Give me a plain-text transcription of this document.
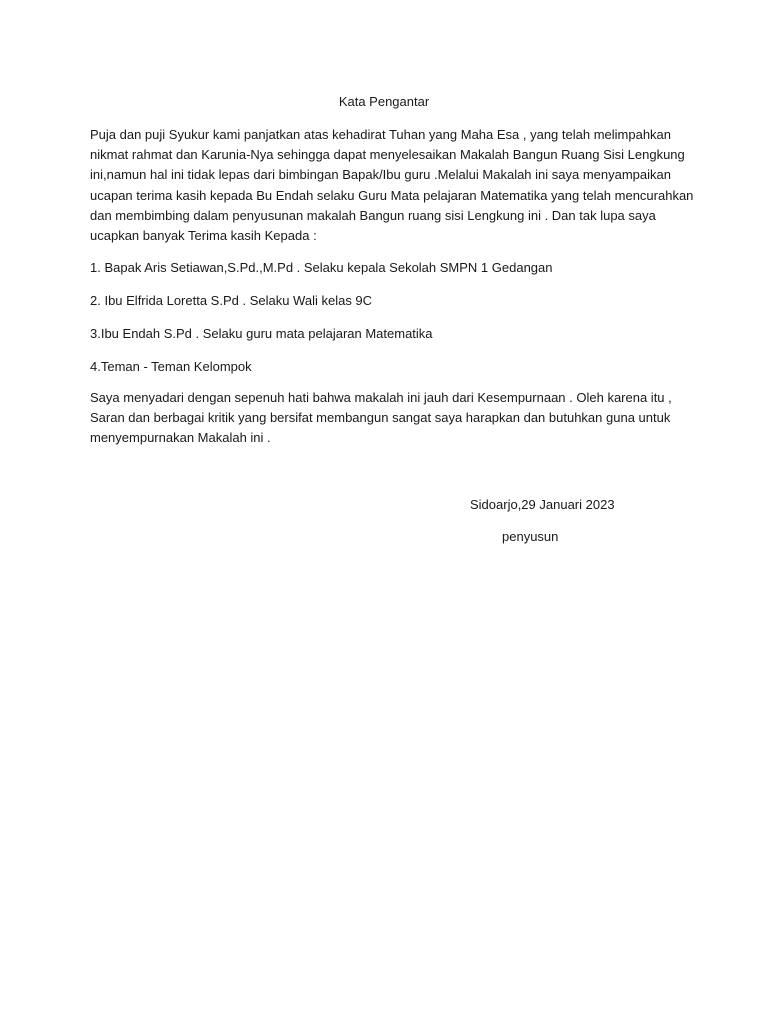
Kata Pengantar

Puja dan puji Syukur kami panjatkan atas kehadirat Tuhan yang Maha Esa , yang telah melimpahkan
nikmat rahmat dan Karunia-Nya sehingga dapat menyelesaikan Makalah Bangun Ruang Sisi Lengkung
ini,namun hal ini tidak lepas dari bimbingan Bapak/Ibu guru .Melalui Makalah ini saya menyampaikan
ucapan terima kasih kepada Bu Endah selaku Guru Mata pelajaran Matematika yang telah mencurahkan
dan membimbing dalam penyusunan makalah Bangun ruang sisi Lengkung ini . Dan tak lupa saya
ucapkan banyak Terima kasih Kepada :

1. Bapak Aris Setiawan,S.Pd.,M.Pd . Selaku kepala Sekolah SMPN 1 Gedangan
2. Ibu Elfrida Loretta S.Pd . Selaku Wali kelas 9C
3.Ibu Endah S.Pd . Selaku guru mata pelajaran Matematika
4.Teman - Teman Kelompok

Saya menyadari dengan sepenuh hati bahwa makalah ini jauh dari Kesempurnaan . Oleh karena itu ,
Saran dan berbagai kritik yang bersifat membangun sangat saya harapkan dan butuhkan guna untuk
menyempurnakan Makalah ini .

Sidoarjo,29 Januari 2023
penyusun
